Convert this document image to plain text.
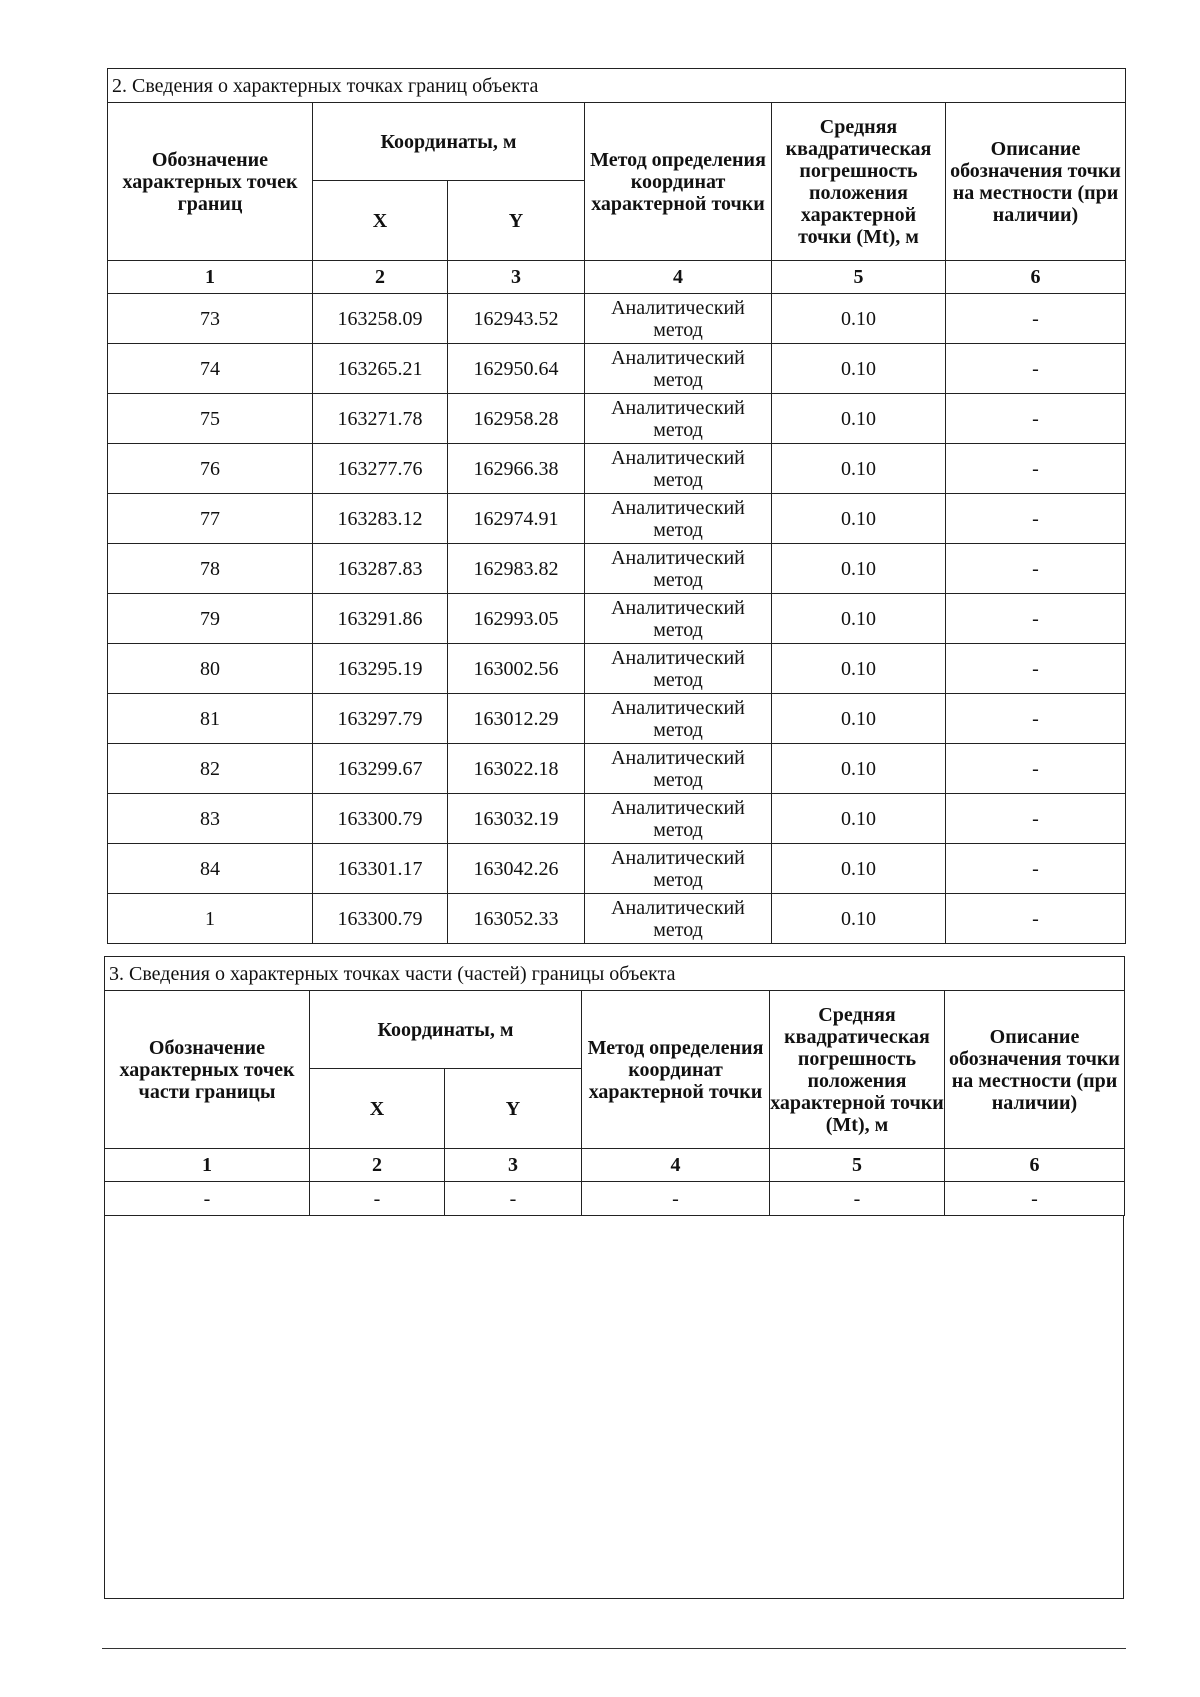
2. Сведения о характерных точках границ объекта					
Обозначение характерных точек границ	Координаты, м		Метод определения координат характерной точки	Средняя квадратическая погрешность положения характерной точки (Mt), м	Описание обозначения точки на местности (при наличии)
	X	Y			
1	2	3	4	5	6
73	163258.09	162943.52	Аналитический метод	0.10	-
74	163265.21	162950.64	Аналитический метод	0.10	-
75	163271.78	162958.28	Аналитический метод	0.10	-
76	163277.76	162966.38	Аналитический метод	0.10	-
77	163283.12	162974.91	Аналитический метод	0.10	-
78	163287.83	162983.82	Аналитический метод	0.10	-
79	163291.86	162993.05	Аналитический метод	0.10	-
80	163295.19	163002.56	Аналитический метод	0.10	-
81	163297.79	163012.29	Аналитический метод	0.10	-
82	163299.67	163022.18	Аналитический метод	0.10	-
83	163300.79	163032.19	Аналитический метод	0.10	-
84	163301.17	163042.26	Аналитический метод	0.10	-
1	163300.79	163052.33	Аналитический метод	0.10	-
3. Сведения о характерных точках части (частей) границы объекта					
Обозначение характерных точек части границы	Координаты, м		Метод определения координат характерной точки	Средняя квадратическая погрешность положения характерной точки (Mt), м	Описание обозначения точки на местности (при наличии)
	X	Y			
1	2	3	4	5	6
-	-	-	-	-	-
